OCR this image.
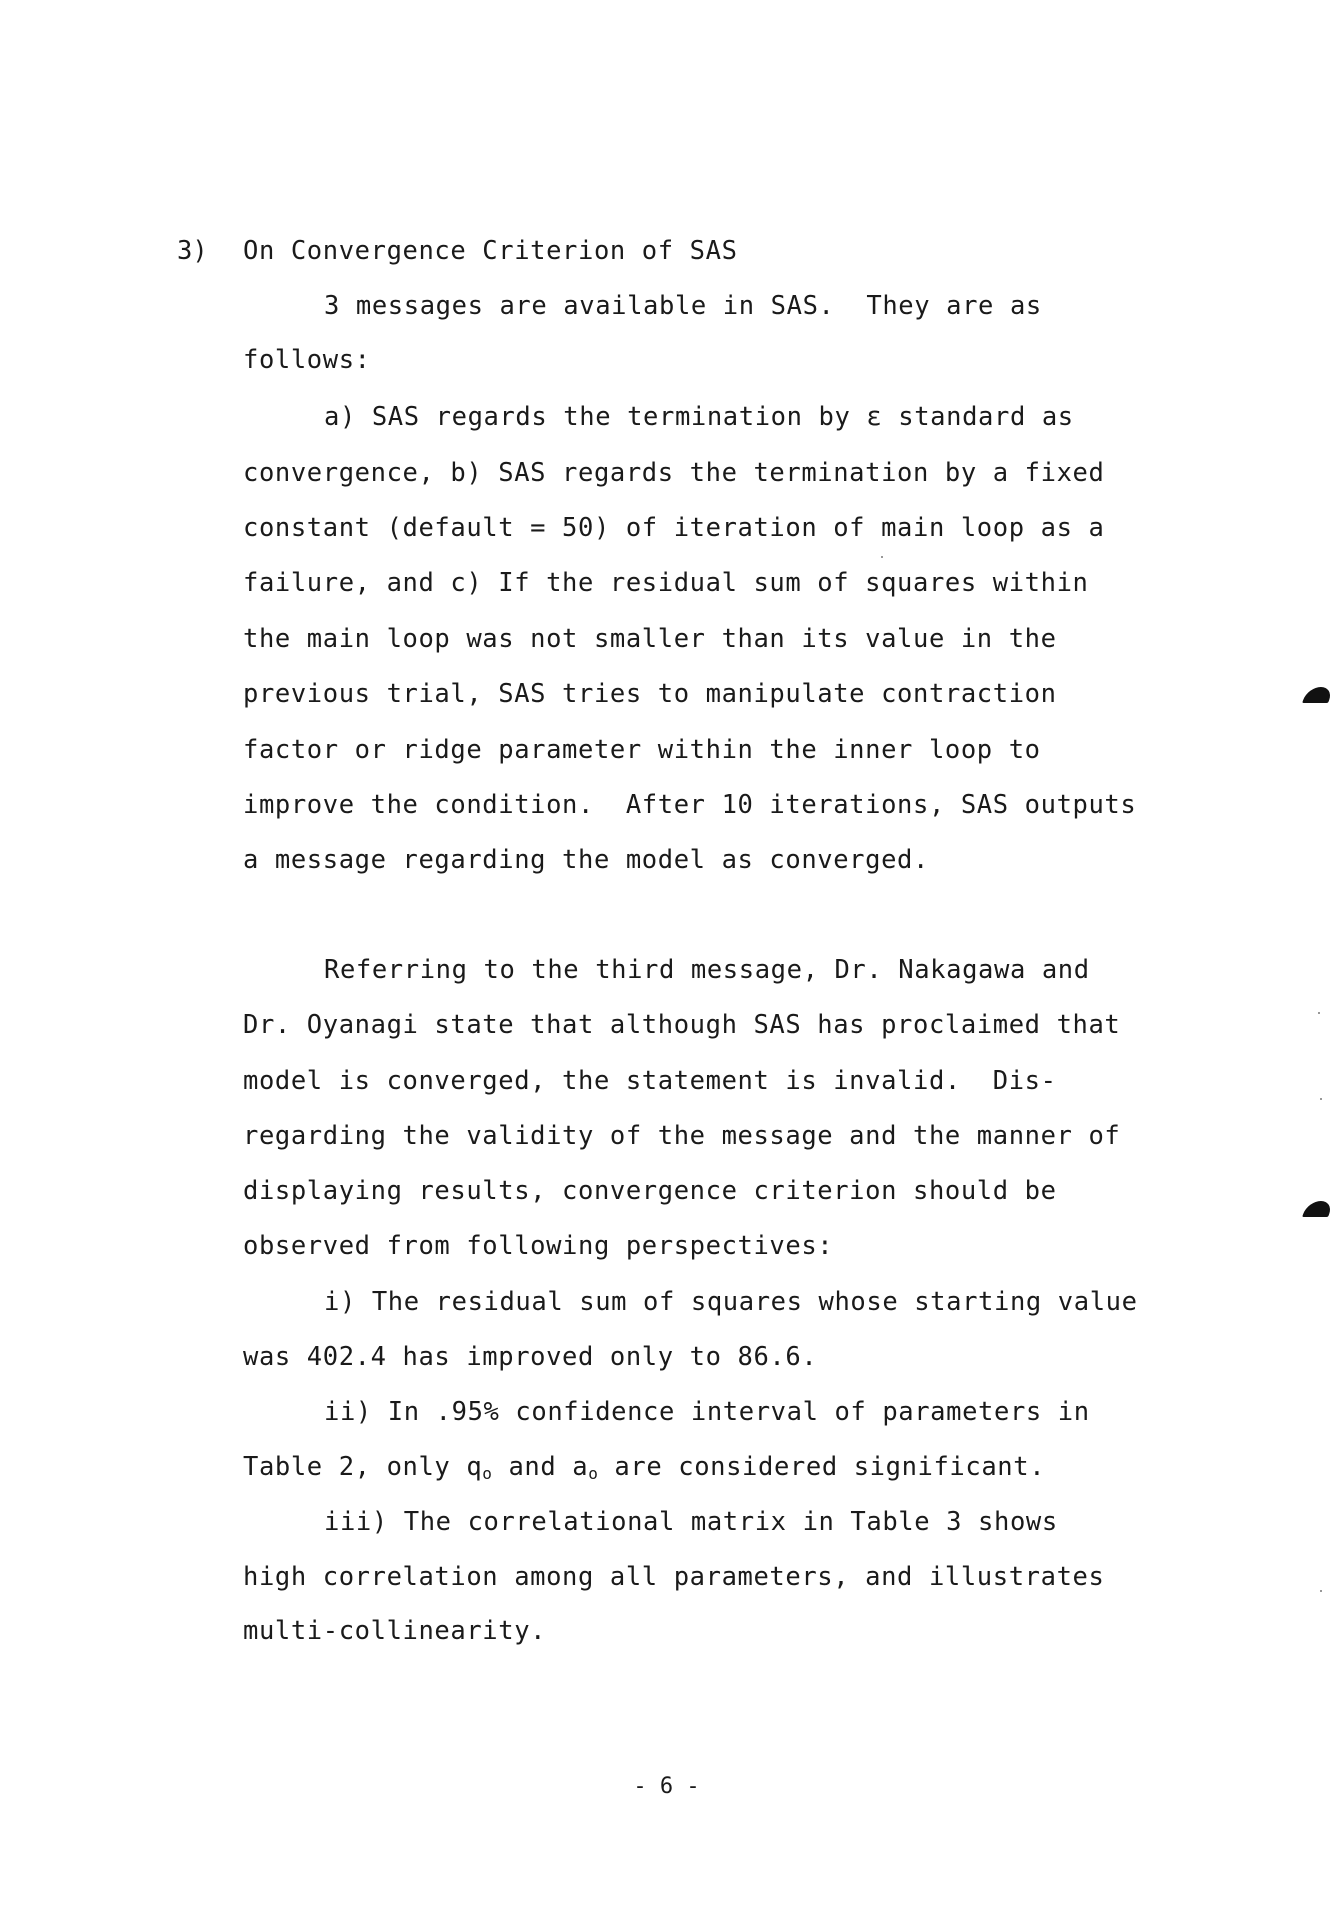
3) On Convergence Criterion of SAS
3 messages are available in SAS.  They are as
follows:
a) SAS regards the termination by ε standard as
convergence, b) SAS regards the termination by a fixed
constant (default = 50) of iteration of main loop as a
failure, and c) If the residual sum of squares within
the main loop was not smaller than its value in the
previous trial, SAS tries to manipulate contraction
factor or ridge parameter within the inner loop to
improve the condition.  After 10 iterations, SAS outputs
a message regarding the model as converged.
Referring to the third message, Dr. Nakagawa and
Dr. Oyanagi state that although SAS has proclaimed that
model is converged, the statement is invalid.  Dis-
regarding the validity of the message and the manner of
displaying results, convergence criterion should be
observed from following perspectives:
i) The residual sum of squares whose starting value
was 402.4 has improved only to 86.6.
ii) In .95% confidence interval of parameters in
Table 2, only $q_o$ and $a_o$ are considered significant.
iii) The correlational matrix in Table 3 shows
high correlation among all parameters, and illustrates
multi-collinearity.
- 6 -
